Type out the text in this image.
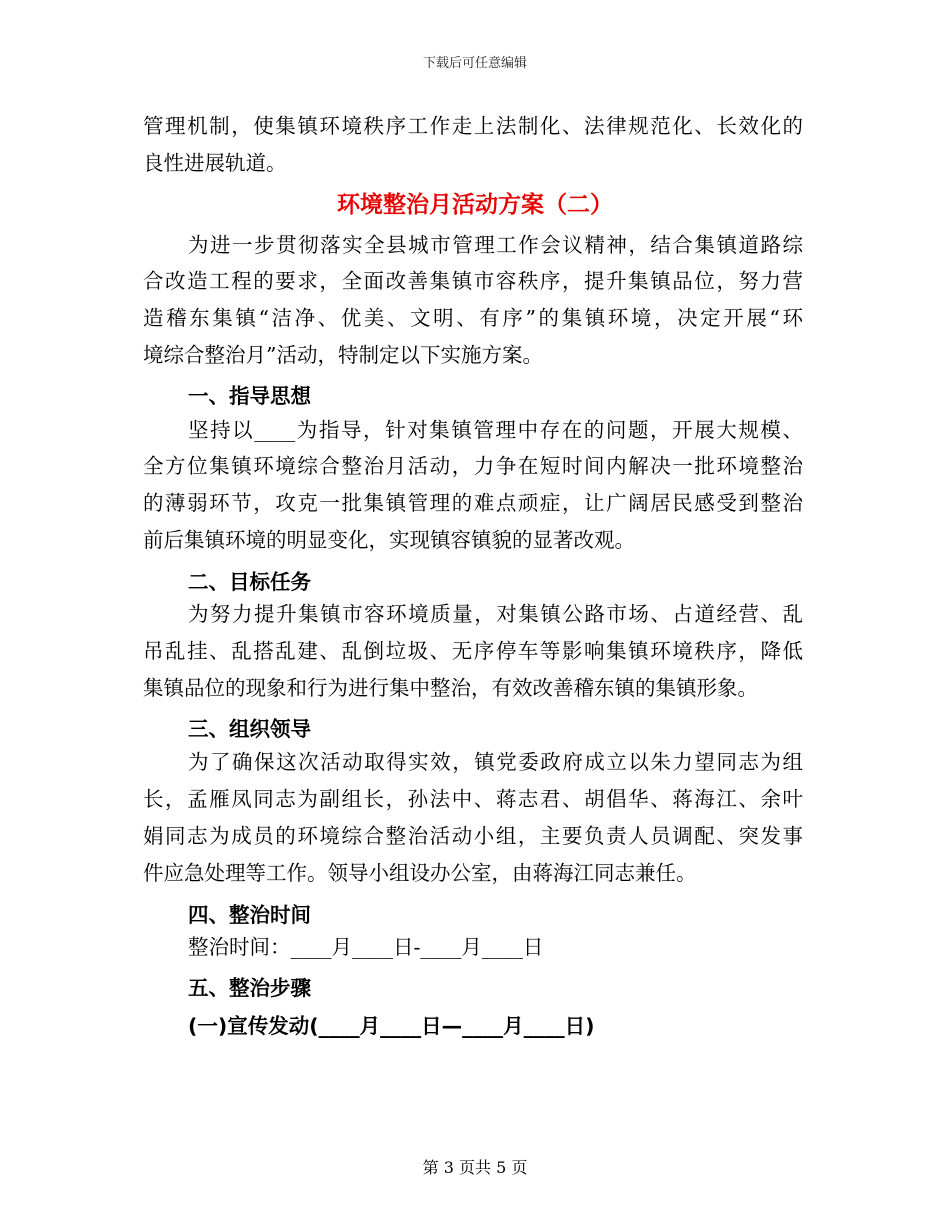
下载后可任意编辑
管理机制，使集镇环境秩序工作走上法制化、法律规范化、长效化的
良性进展轨道。
环境整治月活动方案（二）
为进一步贯彻落实全县城市管理工作会议精神，结合集镇道路综
合改造工程的要求，全面改善集镇市容秩序，提升集镇品位，努力营
造稽东集镇“洁净、优美、文明、有序”的集镇环境，决定开展“环
境综合整治月”活动，特制定以下实施方案。
一、指导思想
坚持以____为指导，针对集镇管理中存在的问题，开展大规模、
全方位集镇环境综合整治月活动，力争在短时间内解决一批环境整治
的薄弱环节，攻克一批集镇管理的难点顽症，让广阔居民感受到整治
前后集镇环境的明显变化，实现镇容镇貌的显著改观。
二、目标任务
为努力提升集镇市容环境质量，对集镇公路市场、占道经营、乱
吊乱挂、乱搭乱建、乱倒垃圾、无序停车等影响集镇环境秩序，降低
集镇品位的现象和行为进行集中整治，有效改善稽东镇的集镇形象。
三、组织领导
为了确保这次活动取得实效，镇党委政府成立以朱力望同志为组
长，孟雁凤同志为副组长，孙法中、蒋志君、胡倡华、蒋海江、余叶
娟同志为成员的环境综合整治活动小组，主要负责人员调配、突发事
件应急处理等工作。领导小组设办公室，由蒋海江同志兼任。
四、整治时间
整治时间：____月____日-____月____日
五、整治步骤
(一)宣传发动(____月____日—____月____日)
第 3 页共 5 页
